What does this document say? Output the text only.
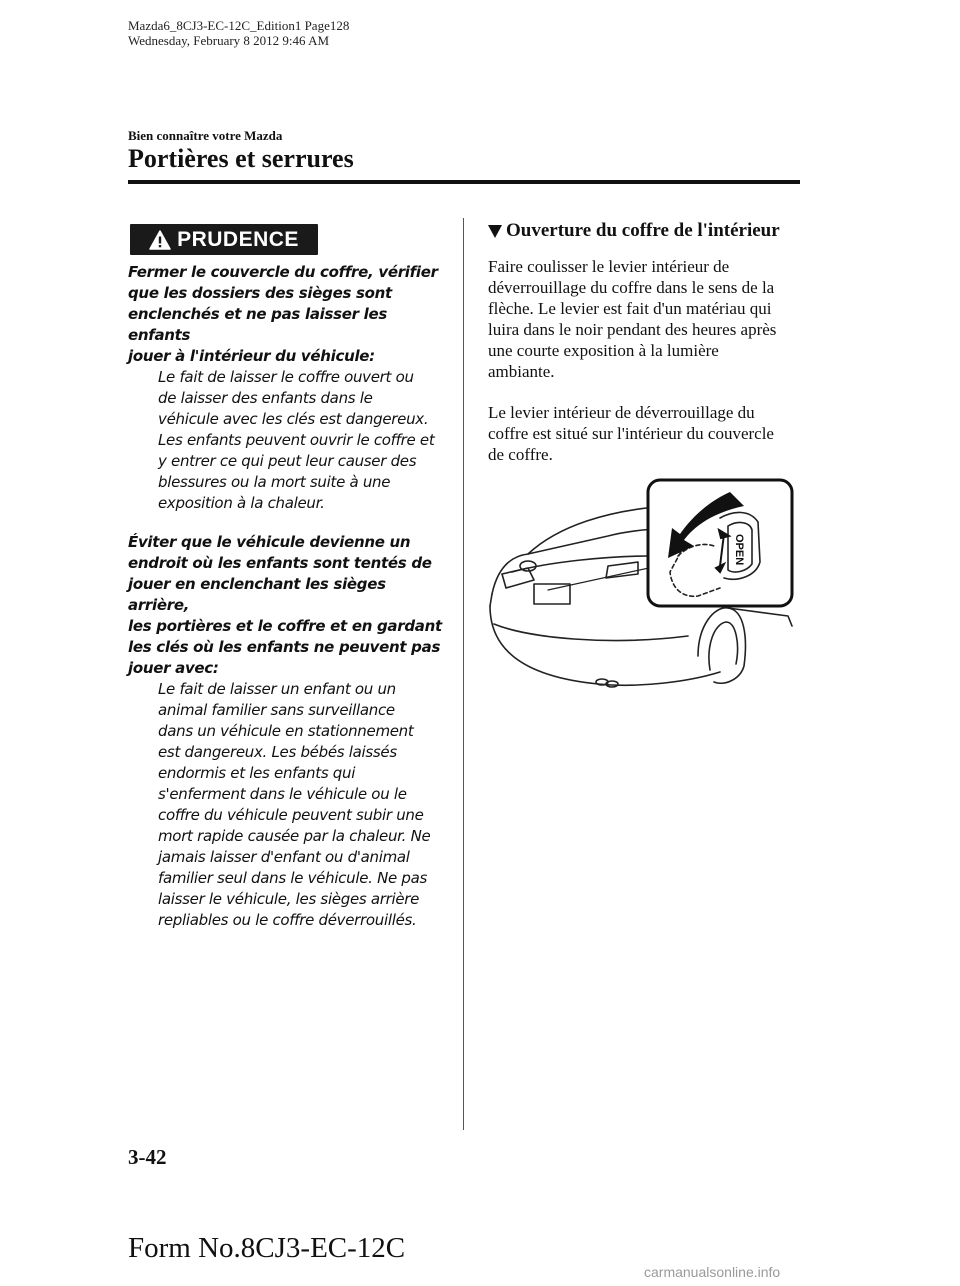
Mazda6_8CJ3-EC-12C_Edition1 Page128
Wednesday, February 8 2012 9:46 AM
Bien connaître votre Mazda
Portières et serrures
PRUDENCE

Fermer le couvercle du coffre, vérifier

que les dossiers des sièges sont

enclenchés et ne pas laisser les enfants

jouer à l'intérieur du véhicule:

Le fait de laisser le coffre ouvert ou

de laisser des enfants dans le

véhicule avec les clés est dangereux.

Les enfants peuvent ouvrir le coffre et

y entrer ce qui peut leur causer des

blessures ou la mort suite à une

exposition à la chaleur.

Éviter que le véhicule devienne un

endroit où les enfants sont tentés de

jouer en enclenchant les sièges arrière,

les portières et le coffre et en gardant

les clés où les enfants ne peuvent pas

jouer avec:

Le fait de laisser un enfant ou un

animal familier sans surveillance

dans un véhicule en stationnement

est dangereux. Les bébés laissés

endormis et les enfants qui

s'enferment dans le véhicule ou le

coffre du véhicule peuvent subir une

mort rapide causée par la chaleur. Ne

jamais laisser d'enfant ou d'animal

familier seul dans le véhicule. Ne pas

laisser le véhicule, les sièges arrière

repliables ou le coffre déverrouillés.

Ouverture du coffre de l'intérieur
Faire coulisser le levier intérieur de
déverrouillage du coffre dans le sens de la
flèche. Le levier est fait d'un matériau qui
luira dans le noir pendant des heures après
une courte exposition à la lumière
ambiante.
Le levier intérieur de déverrouillage du
coffre est situé sur l'intérieur du couvercle
de coffre.
OPEN
3-42
Form No.8CJ3-EC-12C
carmanualsonline.info
